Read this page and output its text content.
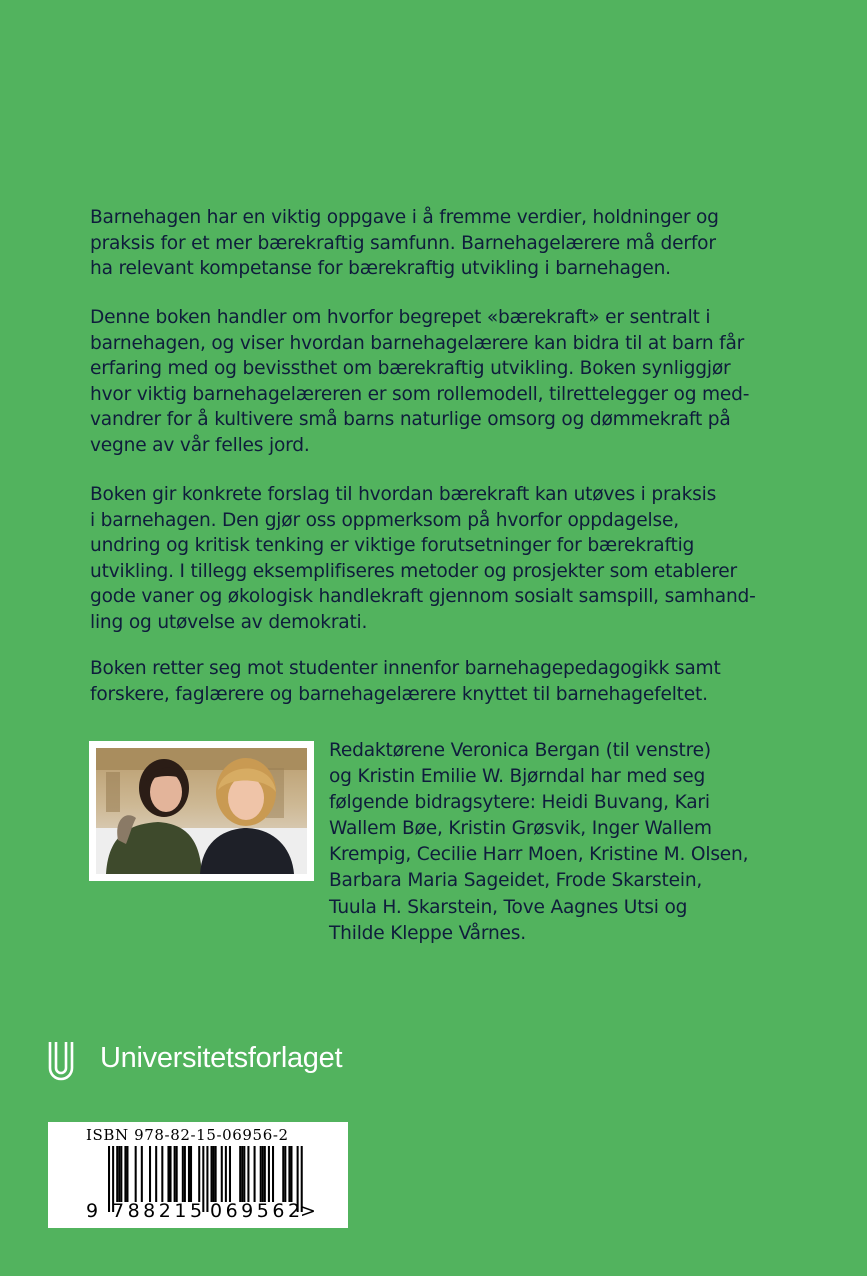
Barnehagen har en viktig oppgave i å fremme verdier, holdninger og
praksis for et mer bærekraftig samfunn. Barnehagelærere må derfor
ha relevant kompetanse for bærekraftig utvikling i barnehagen.

Denne boken handler om hvorfor begrepet «bærekraft» er sentralt i
barnehagen, og viser hvordan barnehagelærere kan bidra til at barn får
erfaring med og bevissthet om bærekraftig utvikling. Boken synliggjør
hvor viktig barnehagelæreren er som rollemodell, tilrettelegger og med-
vandrer for å kultivere små barns naturlige omsorg og dømmekraft på
vegne av vår felles jord.

Boken gir konkrete forslag til hvordan bærekraft kan utøves i praksis
i barnehagen. Den gjør oss oppmerksom på hvorfor oppdagelse,
undring og kritisk tenking er viktige forutsetninger for bærekraftig
utvikling. I tillegg eksemplifiseres metoder og prosjekter som etablerer
gode vaner og økologisk handlekraft gjennom sosialt samspill, samhand-
ling og utøvelse av demokrati.

Boken retter seg mot studenter innenfor barnehagepedagogikk samt
forskere, faglærere og barnehagelærere knyttet til barnehagefeltet.

Redaktørene Veronica Bergan (til venstre)
og Kristin Emilie W. Bjørndal har med seg
følgende bidragsytere: Heidi Buvang, Kari
Wallem Bøe, Kristin Grøsvik, Inger Wallem
Krempig, Cecilie Harr Moen, Kristine M. Olsen,
Barbara Maria Sageidet, Frode Skarstein,
Tuula H. Skarstein, Tove Aagnes Utsi og
Thilde Kleppe Vårnes.

Universitetsforlaget
ISBN 978-82-15-06956-2
9 788215 069562
>
